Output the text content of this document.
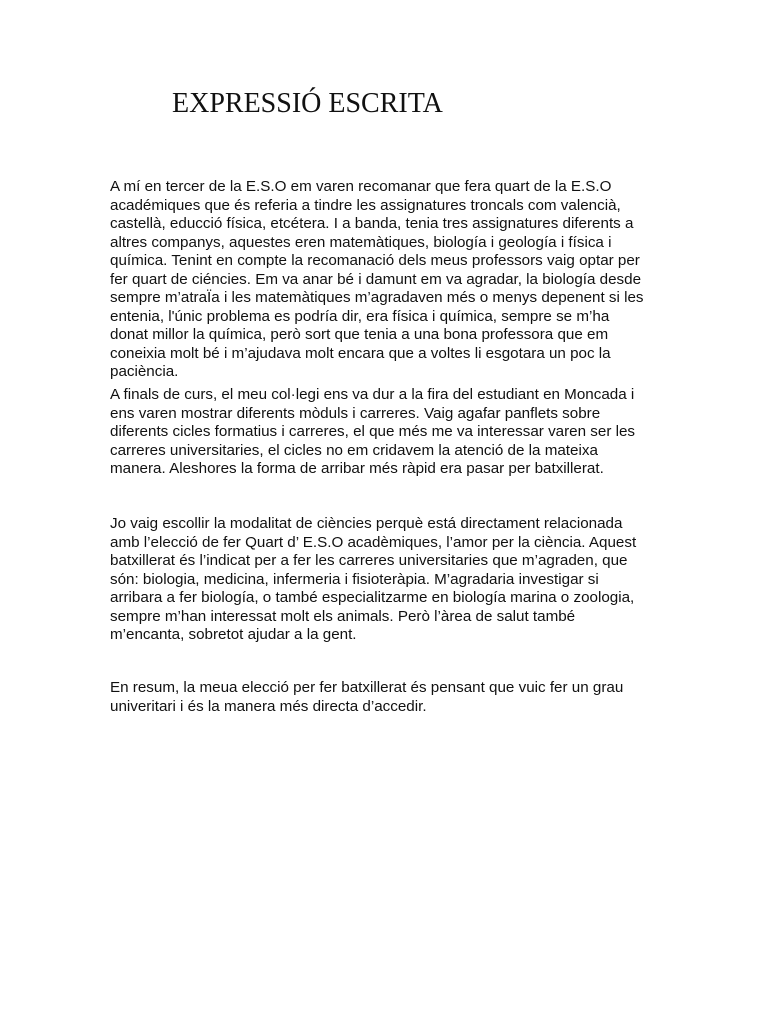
EXPRESSIÓ ESCRITA

A mí en tercer de la E.S.O em varen recomanar que fera quart de la E.S.O
académiques que és referia a tindre les assignatures troncals com valencià,
castellà, educció física, etcétera. I a banda, tenia tres assignatures diferents a
altres companys, aquestes eren matemàtiques, biología i geología i física i
química. Tenint en compte la recomanació dels meus professors vaig optar per
fer quart de ciéncies. Em va anar bé i damunt em va agradar, la biología desde
sempre m’atraÏa i les matemàtiques m’agradaven més o menys depenent si les
entenia, l'únic problema es podría dir, era física i química, sempre se m’ha
donat millor la química, però sort que tenia a una bona professora que em
coneixia molt bé i m’ajudava molt encara que a voltes li esgotara un poc la
paciència.

A finals de curs, el meu col·legi ens va dur a la fira del estudiant en Moncada i
ens varen mostrar diferents mòduls i carreres. Vaig agafar panflets sobre
diferents cicles formatius i carreres, el que més me va interessar varen ser les
carreres universitaries, el cicles no em cridavem la atenció de la mateixa
manera. Aleshores la forma de arribar més ràpid era pasar per batxillerat.

Jo vaig escollir la modalitat de ciències perquè está directament relacionada
amb l’elecció de fer Quart d’ E.S.O acadèmiques, l’amor per la ciència. Aquest
batxillerat és l’indicat per a fer les carreres universitaries que m’agraden, que
són: biologia, medicina, infermeria i fisioteràpia. M’agradaria investigar si
arribara a fer biología, o també especialitzarme en biología marina o zoologia,
sempre m’han interessat molt els animals. Però l’àrea de salut també
m’encanta, sobretot ajudar a la gent.

En resum, la meua elecció per fer batxillerat és pensant que vuic fer un grau
univeritari i és la manera més directa d’accedir.
